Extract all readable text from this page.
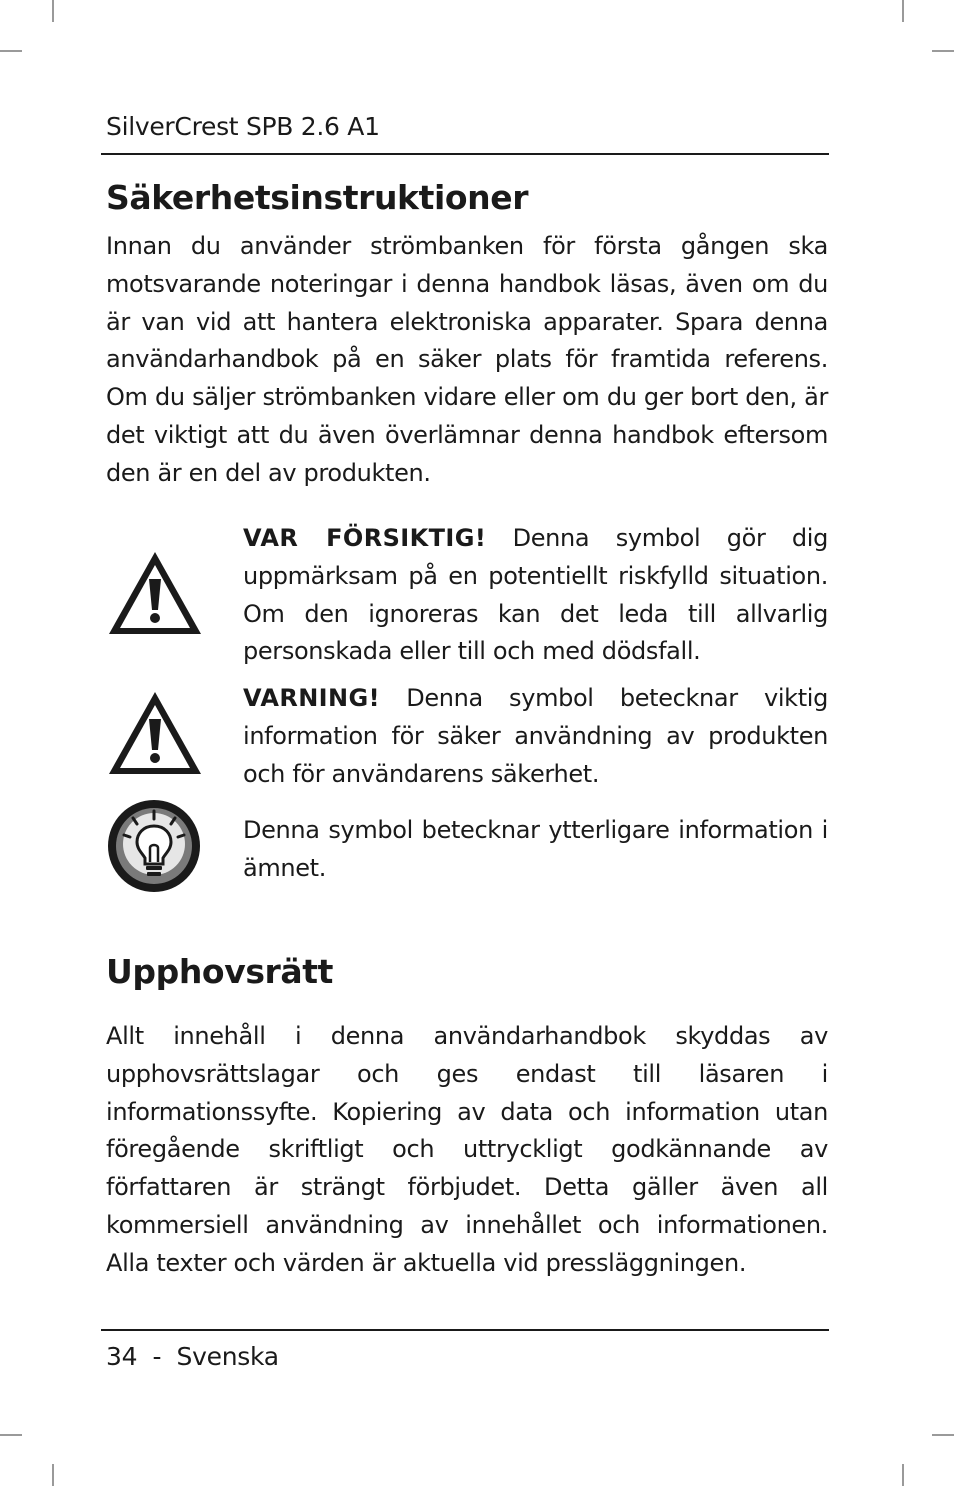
SilverCrest SPB 2.6 A1
Säkerhetsinstruktioner

Innan du använder strömbanken för första gången ska motsvarande noteringar i denna handbok läsas, även om du är van vid att hantera elektroniska apparater. Spara denna användarhandbok på en säker plats för framtida referens. Om du säljer strömbanken vidare eller om du ger bort den, är det viktigt att du även överlämnar denna handbok eftersom den är en del av produkten.

VAR FÖRSIKTIG! Denna symbol gör dig uppmärksam på en potentiellt riskfylld situation. Om den ignoreras kan det leda till allvarlig personskada eller till och med dödsfall.

VARNING! Denna symbol betecknar viktig information för säker användning av produkten och för användarens säkerhet.

Denna symbol betecknar ytterligare information i ämnet.

Upphovsrätt

Allt innehåll i denna användarhandbok skyddas av upphovsrättslagar och ges endast till läsaren i informationssyfte. Kopiering av data och information utan föregående skriftligt och uttryckligt godkännande av författaren är strängt förbjudet. Detta gäller även all kommersiell användning av innehållet och informationen. Alla texter och värden är aktuella vid pressläggningen.

34 - Svenska
